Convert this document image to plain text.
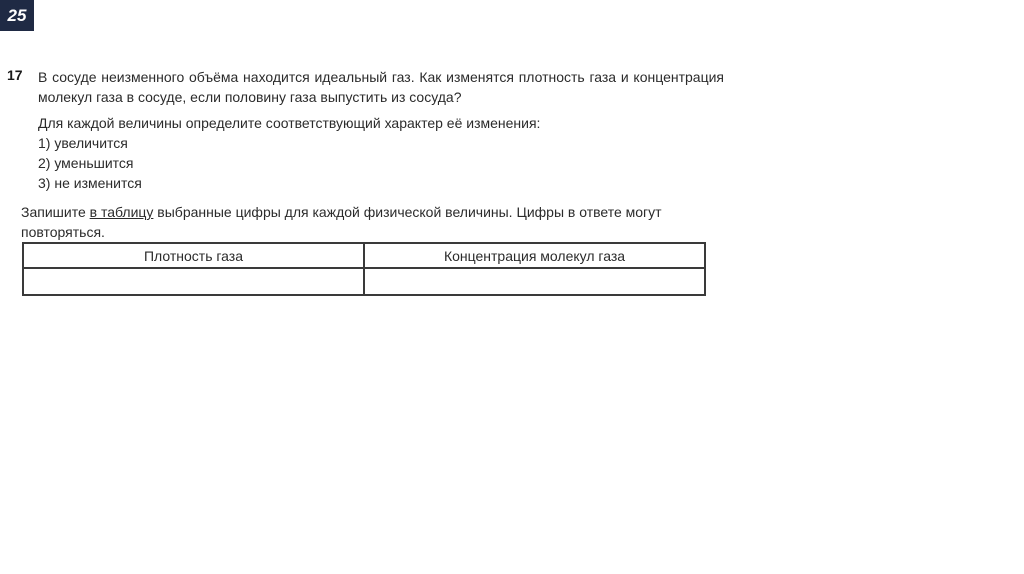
25
17 В сосуде неизменного объёма находится идеальный газ. Как изменятся плотность газа и концентрация молекул газа в сосуде, если половину газа выпустить из сосуда?
Для каждой величины определите соответствующий характер её изменения:
1) увеличится
2) уменьшится
3) не изменится
Запишите в таблицу выбранные цифры для каждой физической величины. Цифры в ответе могут повторяться.
Плотность газа	Концентрация молекул газа
